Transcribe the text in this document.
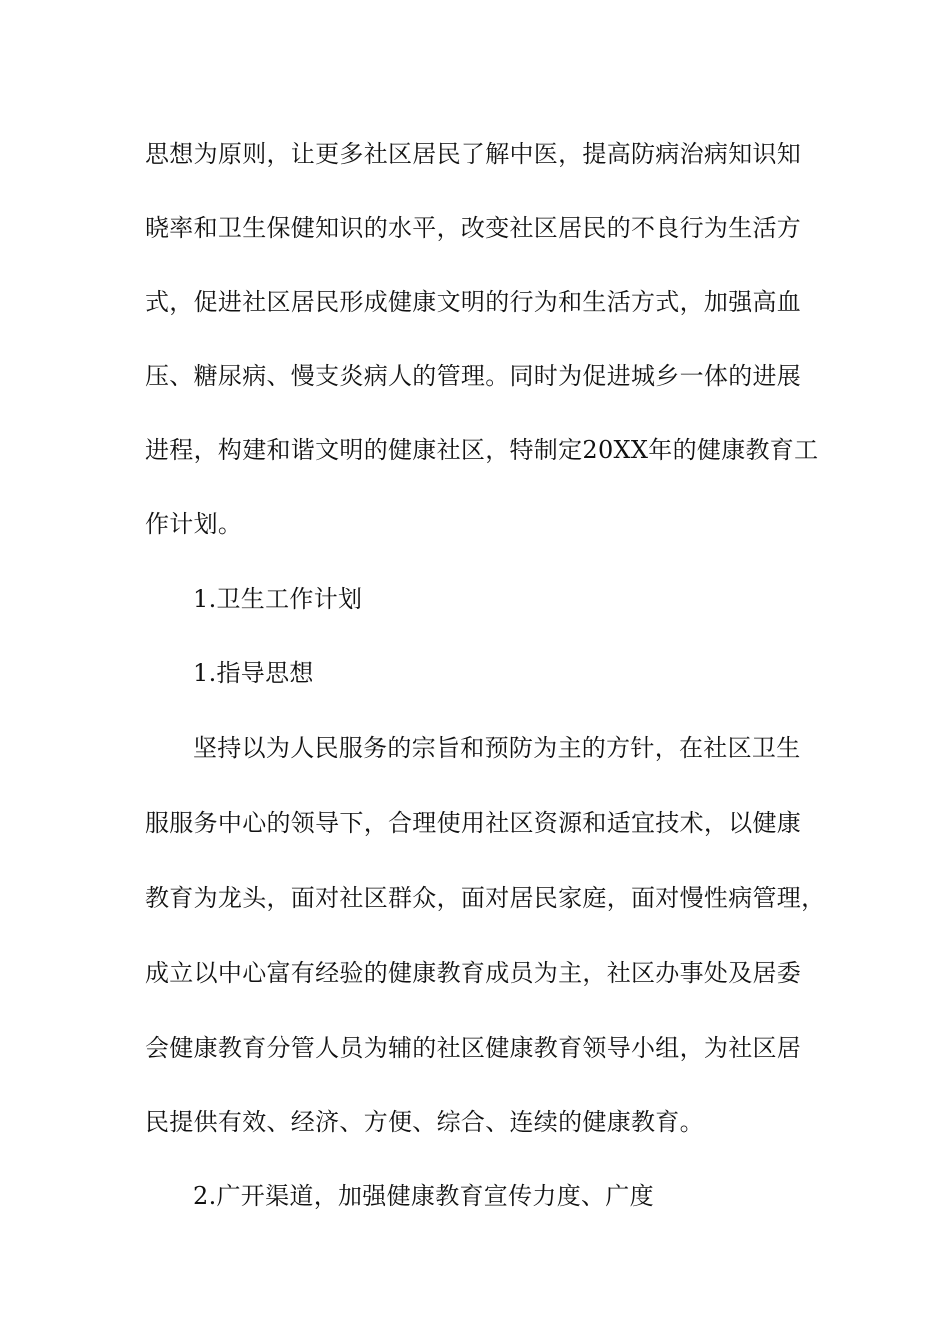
思想为原则，让更多社区居民了解中医，提高防病治病知识知
晓率和卫生保健知识的水平，改变社区居民的不良行为生活方
式，促进社区居民形成健康文明的行为和生活方式，加强高血
压、糖尿病、慢支炎病人的管理。同时为促进城乡一体的进展
进程，构建和谐文明的健康社区，特制定20XX年的健康教育工
作计划。
1.卫生工作计划
1.指导思想
坚持以为人民服务的宗旨和预防为主的方针，在社区卫生
服服务中心的领导下，合理使用社区资源和适宜技术，以健康
教育为龙头，面对社区群众，面对居民家庭，面对慢性病管理，
成立以中心富有经验的健康教育成员为主，社区办事处及居委
会健康教育分管人员为辅的社区健康教育领导小组，为社区居
民提供有效、经济、方便、综合、连续的健康教育。
2.广开渠道，加强健康教育宣传力度、广度
